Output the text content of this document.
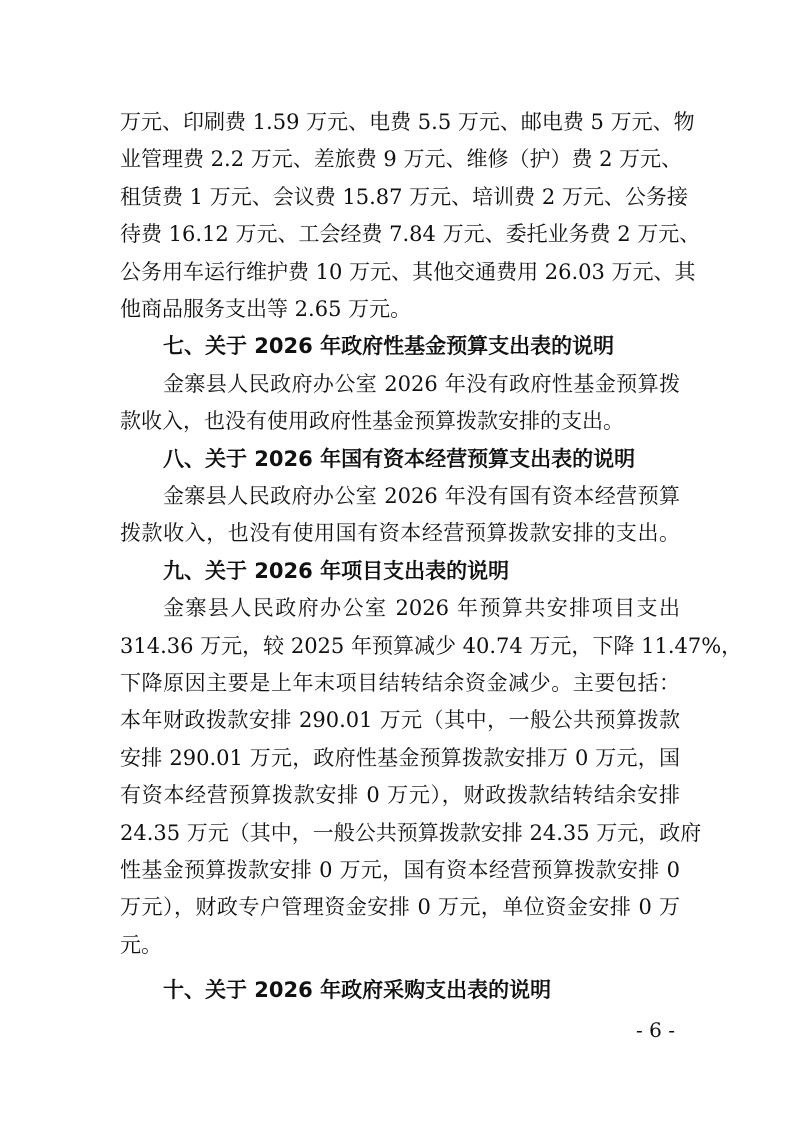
万元、印刷费 1.59 万元、电费 5.5 万元、邮电费 5 万元、物
业管理费 2.2 万元、差旅费 9 万元、维修（护）费 2 万元、
租赁费 1 万元、会议费 15.87 万元、培训费 2 万元、公务接
待费 16.12 万元、工会经费 7.84 万元、委托业务费 2 万元、
公务用车运行维护费 10 万元、其他交通费用 26.03 万元、其
他商品服务支出等 2.65 万元。
七、关于 2026 年政府性基金预算支出表的说明
金寨县人民政府办公室 2026 年没有政府性基金预算拨
款收入，也没有使用政府性基金预算拨款安排的支出。
八、关于 2026 年国有资本经营预算支出表的说明
金寨县人民政府办公室 2026 年没有国有资本经营预算
拨款收入，也没有使用国有资本经营预算拨款安排的支出。
九、关于 2026 年项目支出表的说明
金寨县人民政府办公室 2026 年预算共安排项目支出
314.36 万元，较 2025 年预算减少 40.74 万元，下降 11.47%，
下降原因主要是上年末项目结转结余资金减少。主要包括：
本年财政拨款安排 290.01 万元（其中，一般公共预算拨款
安排 290.01 万元，政府性基金预算拨款安排万 0 万元，国
有资本经营预算拨款安排 0 万元），财政拨款结转结余安排
24.35 万元（其中，一般公共预算拨款安排 24.35 万元，政府
性基金预算拨款安排 0 万元，国有资本经营预算拨款安排 0
万元），财政专户管理资金安排 0 万元，单位资金安排 0 万
元。
十、关于 2026 年政府采购支出表的说明
- 6 -
